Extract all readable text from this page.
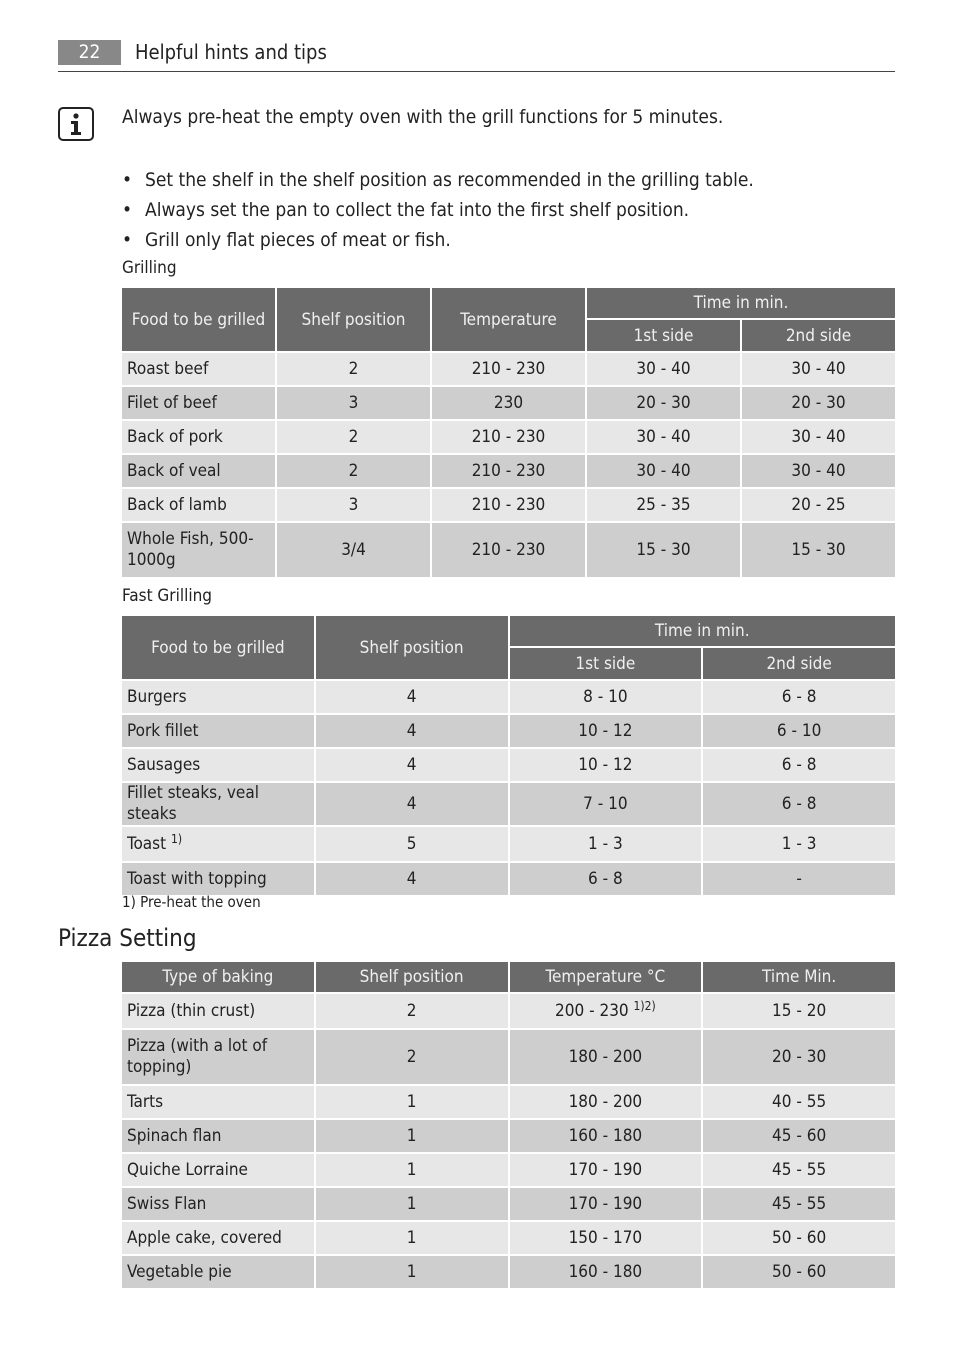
22	Helpful hints and tips
Always pre-heat the empty oven with the grill functions for 5 minutes.
• Set the shelf in the shelf position as recommended in the grilling table.
• Always set the pan to collect the fat into the first shelf position.
• Grill only flat pieces of meat or fish.
Grilling
Food to be grilled	Shelf position	Temperature	Time in min.	
			1st side	2nd side
Roast beef	2	210 - 230	30 - 40	30 - 40
Filet of beef	3	230	20 - 30	20 - 30
Back of pork	2	210 - 230	30 - 40	30 - 40
Back of veal	2	210 - 230	30 - 40	30 - 40
Back of lamb	3	210 - 230	25 - 35	20 - 25
Whole Fish, 500-1000g	3/4	210 - 230	15 - 30	15 - 30
Fast Grilling
Food to be grilled	Shelf position	Time in min.	
		1st side	2nd side
Burgers	4	8 - 10	6 - 8
Pork fillet	4	10 - 12	6 - 10
Sausages	4	10 - 12	6 - 8
Fillet steaks, veal steaks	4	7 - 10	6 - 8
Toast $^{1)}$	5	1 - 3	1 - 3
Toast with topping	4	6 - 8	-
1) Pre-heat the oven
Pizza Setting
Type of baking	Shelf position	Temperature °C	Time Min.
Pizza (thin crust)	2	200 - 230 $^{1)2)}$	15 - 20
Pizza (with a lot of topping)	2	180 - 200	20 - 30
Tarts	1	180 - 200	40 - 55
Spinach flan	1	160 - 180	45 - 60
Quiche Lorraine	1	170 - 190	45 - 55
Swiss Flan	1	170 - 190	45 - 55
Apple cake, covered	1	150 - 170	50 - 60
Vegetable pie	1	160 - 180	50 - 60
